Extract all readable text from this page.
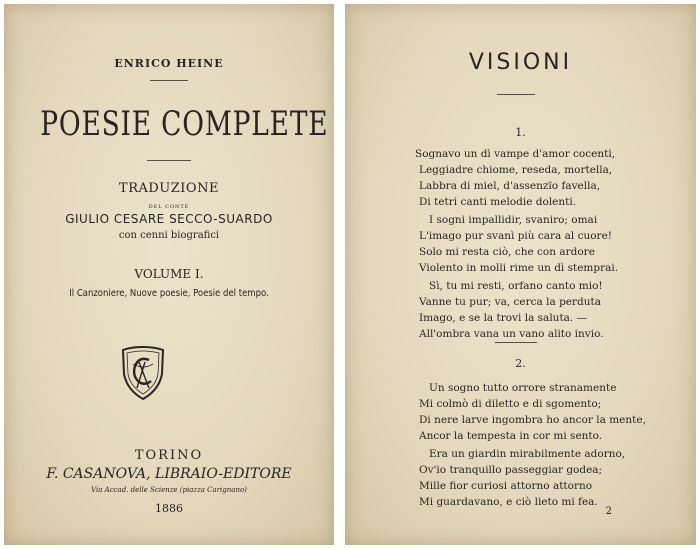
ENRICO HEINE
POESIE COMPLETE
TRADUZIONE
DEL CONTE
GIULIO CESARE SECCO-SUARDO
con cenni biografici
VOLUME I.
Il Canzoniere, Nuove poesie, Poesie del tempo.
TORINO
F. CASANOVA, LIBRAIO-EDITORE
Via Accad. delle Scienze (piazza Carignano)
1886
VISIONI
1.
Sognavo un dì vampe d'amor cocenti,
Leggiadre chiome, reseda, mortella,
Labbra di miel, d'assenzïo favella,
Di tetri canti melodie dolenti.
I sogni impallidir, svaniro; omai
L'imago pur svanì più cara al cuore!
Solo mi resta ciò, che con ardore
Violento in molli rime un dì stemprai.
Sì, tu mi resti, orfano canto mio!
Vanne tu pur; va, cerca la perduta
Imago, e se la trovi la saluta. —
All'ombra vana un vano alito invio.
2.
Un sogno tutto orrore stranamente
Mi colmò di diletto e di sgomento;
Di nere larve ingombra ho ancor la mente,
Ancor la tempesta in cor mi sento.
Era un giardin mirabilmente adorno,
Ov'io tranquillo passeggiar godea;
Mille fior curiosi attorno attorno
Mi guardavano, e ciò lieto mi fea.
2
